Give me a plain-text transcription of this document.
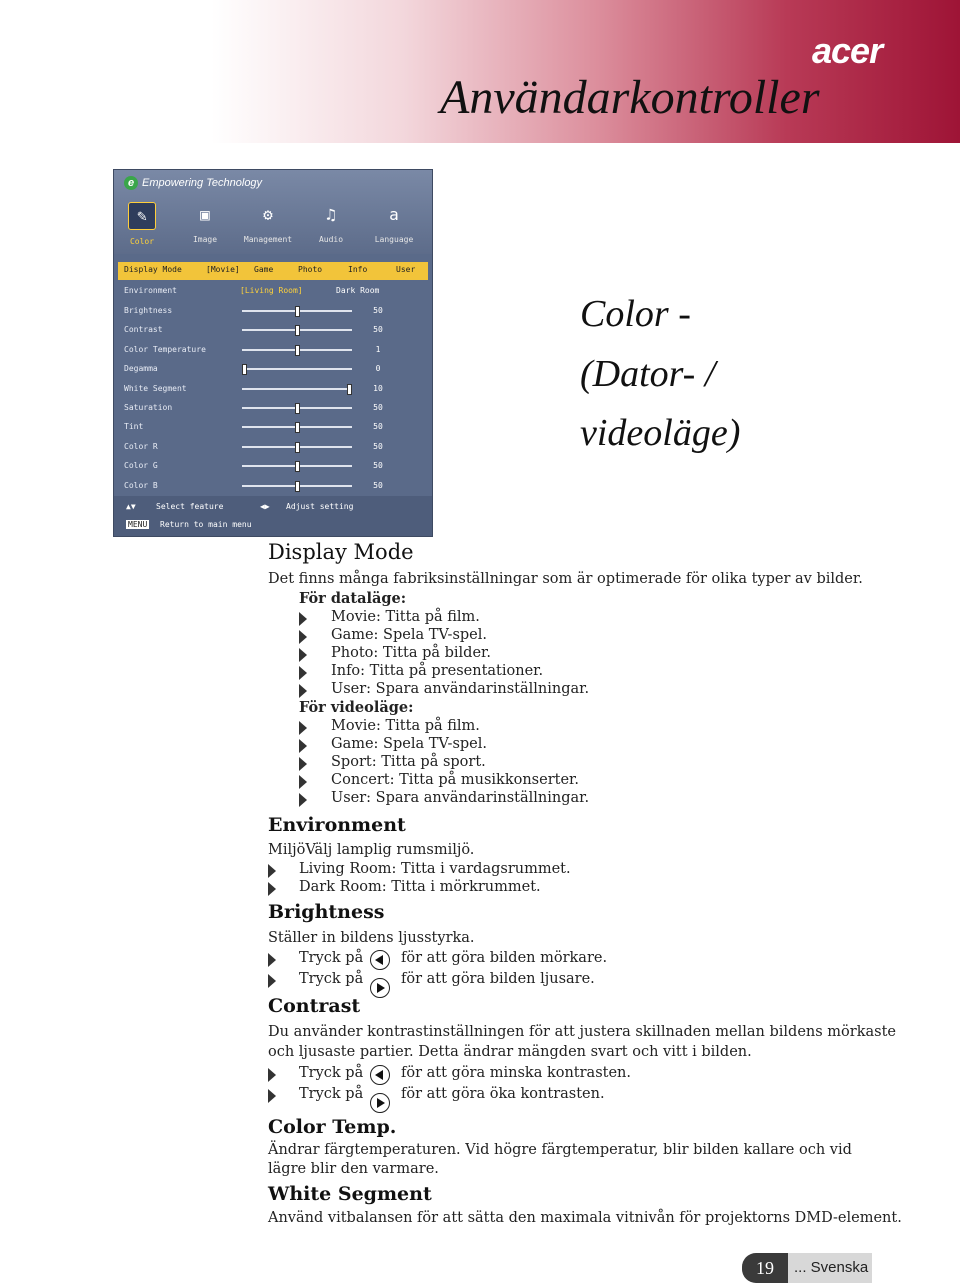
acer
Användarkontroller
e Empowering Technology
✎
Color
▣
Image
⚙
Management
♫
Audio
a
Language
Display Mode	[Movie] Game	Photo	Info	User
Environment	[Living Room]	Dark Room
Brightness	50
Contrast	50
Color Temperature	1
Degamma	0
White Segment	10
Saturation	50
Tint	50
Color R	50
Color G	50
Color B	50
▲▼	Select feature	◀▶ Adjust setting
MENU Return to main menu
Color -
(Dator- /
videoläge)
Display Mode
Det finns många fabriksinställningar som är optimerade för olika typer av bilder.
För dataläge:
Movie: Titta på film.
Game: Spela TV-spel.
Photo: Titta på bilder.
Info: Titta på presentationer.
User: Spara användarinställningar.
För videoläge:
Movie: Titta på film.
Game: Spela TV-spel.
Sport: Titta på sport.
Concert: Titta på musikkonserter.
User: Spara användarinställningar.
Environment
MiljöVälj lamplig rumsmiljö.
Living Room: Titta i vardagsrummet.
Dark Room: Titta i mörkrummet.
Brightness
Ställer in bildens ljusstyrka.
Tryck på	för att göra bilden mörkare.
Tryck på	för att göra bilden ljusare.
Contrast
Du använder kontrastinställningen för att justera skillnaden mellan bildens mörkaste
och ljusaste partier. Detta ändrar mängden svart och vitt i bilden.
Tryck på	för att göra minska kontrasten.
Tryck på	för att göra öka kontrasten.
Color Temp.
Ändrar färgtemperaturen. Vid högre färgtemperatur, blir bilden kallare och vid
lägre blir den varmare.
White Segment
Använd vitbalansen för att sätta den maximala vitnivån för projektorns DMD-element.
19	... Svenska
